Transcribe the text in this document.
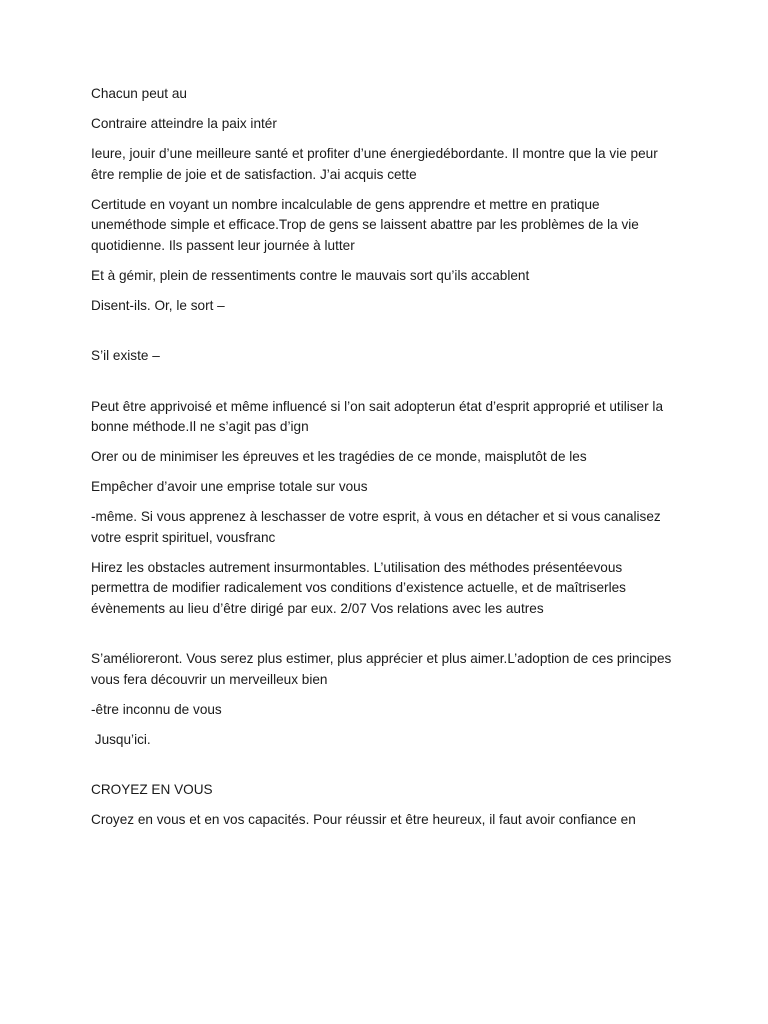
Chacun peut au

Contraire atteindre la paix intér

Ieure, jouir d’une meilleure santé et profiter d’une énergiedébordante. Il montre que la vie peur être remplie de joie et de satisfaction. J’ai acquis cette

Certitude en voyant un nombre incalculable de gens apprendre et mettre en pratique uneméthode simple et efficace.Trop de gens se laissent abattre par les problèmes de la vie quotidienne. Ils passent leur journée à lutter

Et à gémir, plein de ressentiments contre le mauvais sort qu’ils accablent

Disent-ils. Or, le sort –

S’il existe –

Peut être apprivoisé et même influencé si l’on sait adopterun état d’esprit approprié et utiliser la bonne méthode.Il ne s’agit pas d’ign

Orer ou de minimiser les épreuves et les tragédies de ce monde, maisplutôt de les

Empêcher d’avoir une emprise totale sur vous

-même. Si vous apprenez à leschasser de votre esprit, à vous en détacher et si vous canalisez votre esprit spirituel, vousfranc

Hirez les obstacles autrement insurmontables. L’utilisation des méthodes présentéevous permettra de modifier radicalement vos conditions d’existence actuelle, et de maîtriserles évènements au lieu d’être dirigé par eux. 2/07 Vos relations avec les autres

S’amélioreront. Vous serez plus estimer, plus apprécier et plus aimer.L’adoption de ces principes vous fera découvrir un merveilleux bien

-être inconnu de vous

Jusqu’ici.

CROYEZ EN VOUS

Croyez en vous et en vos capacités. Pour réussir et être heureux, il faut avoir confiance en
